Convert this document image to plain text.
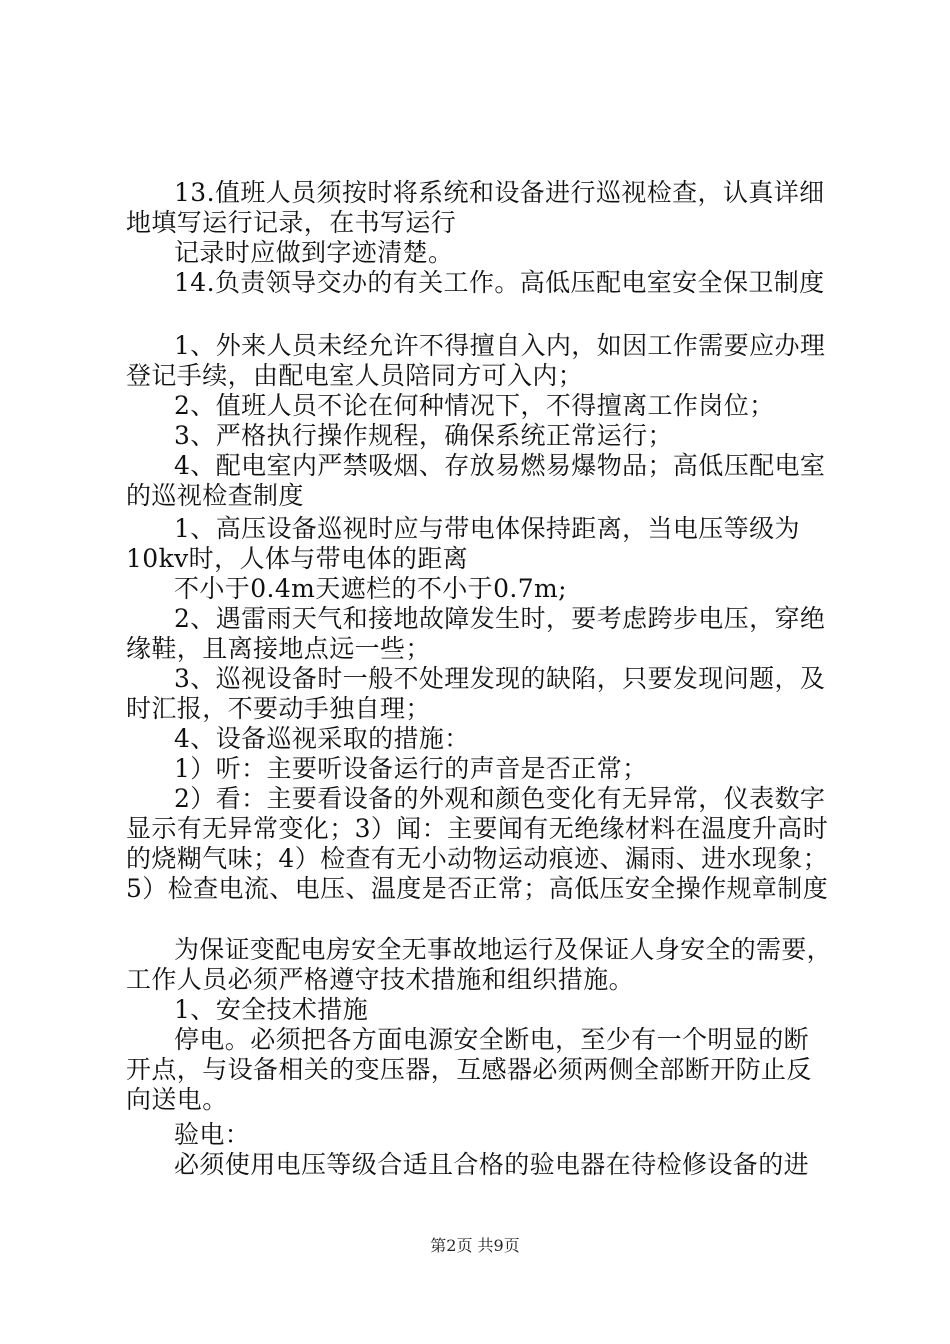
13.值班人员须按时将系统和设备进行巡视检查，认真详细
地填写运行记录，在书写运行
记录时应做到字迹清楚。
14.负责领导交办的有关工作。高低压配电室安全保卫制度
1、外来人员未经允许不得擅自入内，如因工作需要应办理
登记手续，由配电室人员陪同方可入内；
2、值班人员不论在何种情况下，不得擅离工作岗位；
3、严格执行操作规程，确保系统正常运行；
4、配电室内严禁吸烟、存放易燃易爆物品；高低压配电室
的巡视检查制度
1、高压设备巡视时应与带电体保持距离，当电压等级为
10kv时，人体与带电体的距离
不小于0.4m天遮栏的不小于0.7m;
2、遇雷雨天气和接地故障发生时，要考虑跨步电压，穿绝
缘鞋，且离接地点远一些；
3、巡视设备时一般不处理发现的缺陷，只要发现问题，及
时汇报，不要动手独自理；
4、设备巡视采取的措施：
1）听：主要听设备运行的声音是否正常；
2）看：主要看设备的外观和颜色变化有无异常，仪表数字
显示有无异常变化；3）闻：主要闻有无绝缘材料在温度升高时
的烧糊气味；4）检查有无小动物运动痕迹、漏雨、进水现象；
5）检查电流、电压、温度是否正常；高低压安全操作规章制度
为保证变配电房安全无事故地运行及保证人身安全的需要，
工作人员必须严格遵守技术措施和组织措施。
1、安全技术措施
停电。必须把各方面电源安全断电，至少有一个明显的断
开点，与设备相关的变压器，互感器必须两侧全部断开防止反
向送电。
验电：
必须使用电压等级合适且合格的验电器在待检修设备的进
第2页 共9页
